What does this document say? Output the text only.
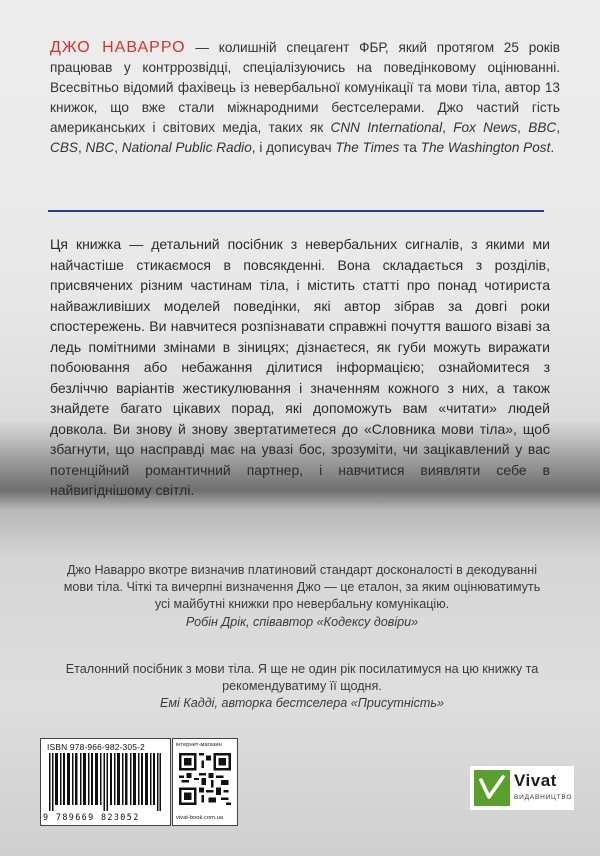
ДЖО НАВАРРО — колишній спецагент ФБР, який протягом 25 років працював у контррозвідці, спеціалізуючись на поведінковому оцінюванні. Всесвітньо відомий фахівець із невербальної комунікації та мови тіла, автор 13 книжок, що вже стали міжнародними бестселерами. Джо частий гість американських і світових медіа, таких як CNN International, Fox News, BBC, CBS, NBC, National Public Radio, і дописувач The Times та The Washington Post.
Ця книжка — детальний посібник з невербальних сигналів, з якими ми найчастіше стикаємося в повсякденні. Вона складається з розділів, присвячених різним частинам тіла, і містить статті про понад чотириста найважливіших моделей поведінки, які автор зібрав за довгі роки спостережень. Ви навчитеся розпізнавати справжні почуття вашого візаві за ледь помітними змінами в зіницях; дізнаєтеся, як губи можуть виражати побоювання або небажання ділитися інформацією; ознайомитеся з безліччю варіантів жестикулювання і значенням кожного з них, а також знайдете багато цікавих порад, які допоможуть вам «читати» людей довкола. Ви знову й знову звертатиметеся до «Словника мови тіла», щоб збагнути, що насправді має на увазі бос, зрозуміти, чи зацікавлений у вас потенційний романтичний партнер, і навчитися виявляти себе в найвигіднішому світлі.
Джо Наварро вкотре визначив платиновий стандарт досконалості в декодуванні мови тіла. Чіткі та вичерпні визначення Джо — це еталон, за яким оцінюватимуть усі майбутні книжки про невербальну комунікацію.
Робін Дрік, співавтор «Кодексу довіри»
Еталонний посібник з мови тіла. Я ще не один рік посилатимуся на цю книжку та рекомендуватиму її щодня.
Емі Кадді, авторка бестселера «Присутність»
ISBN 978-966-982-305-2
9 789669 823052
інтернет-магазин
vivat-book.com.ua
Vivat
ВИДАВНИЦТВО
